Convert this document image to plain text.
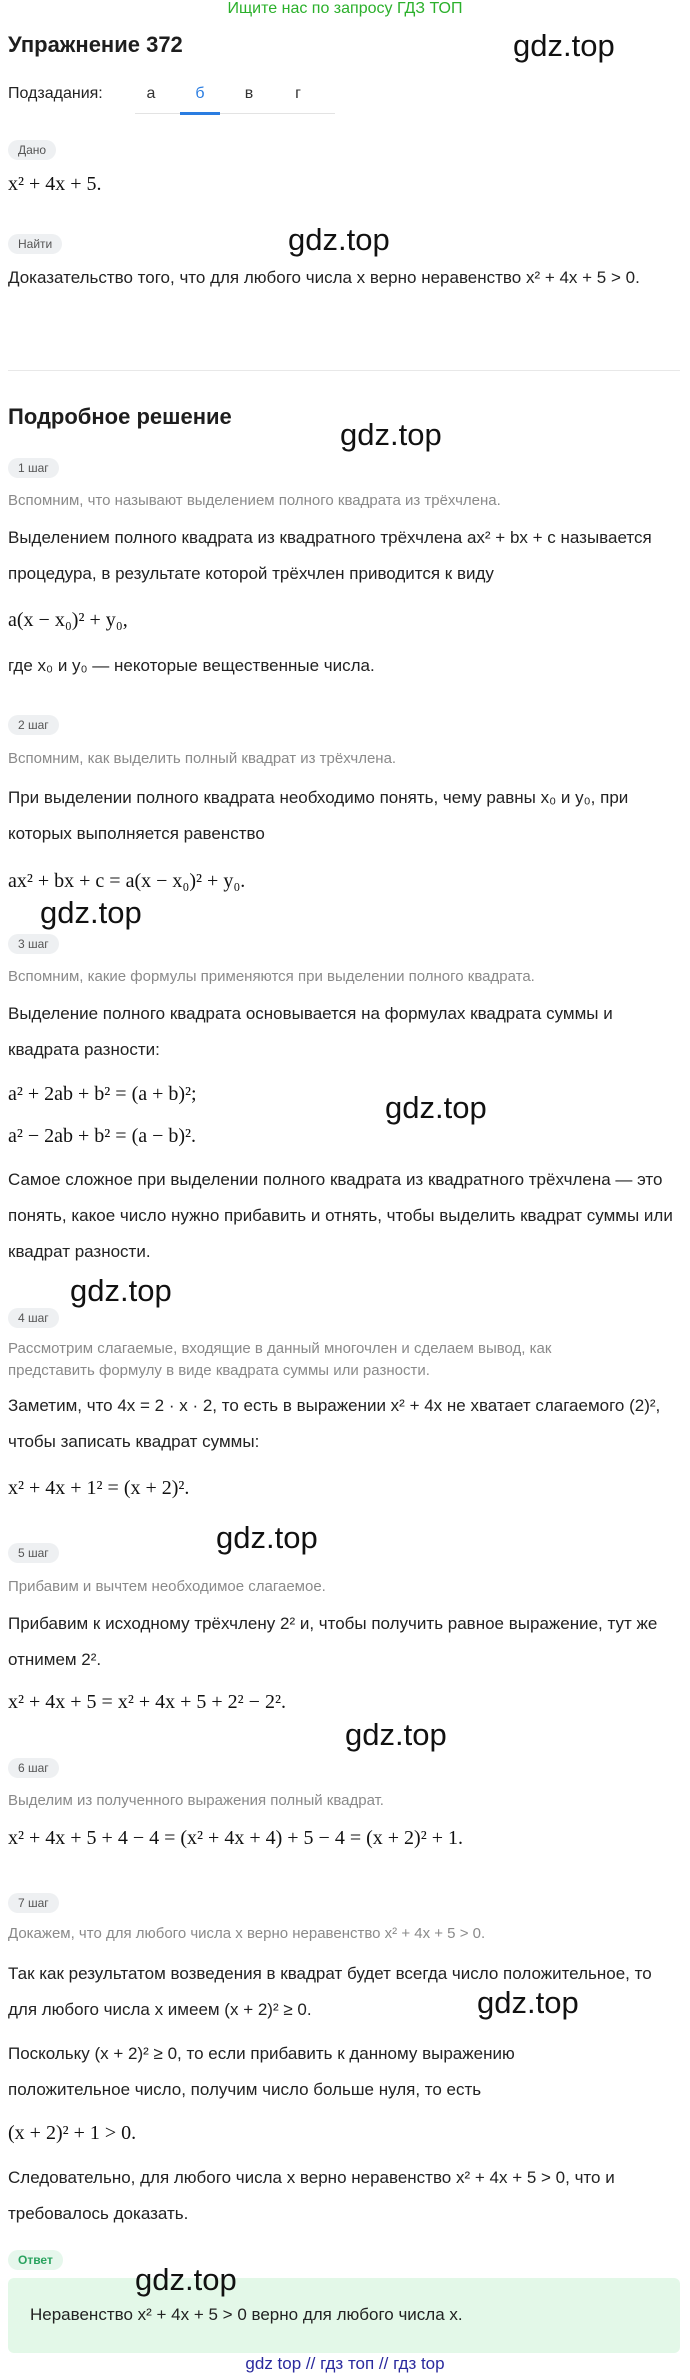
Ищите нас по запросу ГДЗ ТОП
Упражнение 372
Подзадания:	а	б	в	г
Дано
x² + 4x + 5.
Найти
Доказательство того, что для любого числа x верно неравенство x² + 4x + 5 > 0.
Подробное решение
1 шаг
Вспомним, что называют выделением полного квадрата из трёхчлена.
Выделением полного квадрата из квадратного трёхчлена ax² + bx + c называется процедура, в результате которой трёхчлен приводится к виду
a(x − x₀)² + y₀,
где x₀ и y₀ — некоторые вещественные числа.
2 шаг
Вспомним, как выделить полный квадрат из трёхчлена.
При выделении полного квадрата необходимо понять, чему равны x₀ и y₀, при которых выполняется равенство
ax² + bx + c = a(x − x₀)² + y₀.
3 шаг
Вспомним, какие формулы применяются при выделении полного квадрата.
Выделение полного квадрата основывается на формулах квадрата суммы и квадрата разности:
a² + 2ab + b² = (a + b)²;
a² − 2ab + b² = (a − b)².
Самое сложное при выделении полного квадрата из квадратного трёхчлена — это понять, какое число нужно прибавить и отнять, чтобы выделить квадрат суммы или квадрат разности.
4 шаг
Рассмотрим слагаемые, входящие в данный многочлен и сделаем вывод, как представить формулу в виде квадрата суммы или разности.
Заметим, что 4x = 2 · x · 2, то есть в выражении x² + 4x не хватает слагаемого (2)², чтобы записать квадрат суммы:
x² + 4x + 1² = (x + 2)².
5 шаг
Прибавим и вычтем необходимое слагаемое.
Прибавим к исходному трёхчлену 2² и, чтобы получить равное выражение, тут же отнимем 2².
x² + 4x + 5 = x² + 4x + 5 + 2² − 2².
6 шаг
Выделим из полученного выражения полный квадрат.
x² + 4x + 5 + 4 − 4 = (x² + 4x + 4) + 5 − 4 = (x + 2)² + 1.
7 шаг
Докажем, что для любого числа x верно неравенство x² + 4x + 5 > 0.
Так как результатом возведения в квадрат будет всегда число положительное, то для любого числа x имеем (x + 2)² ≥ 0.
Поскольку (x + 2)² ≥ 0, то если прибавить к данному выражению положительное число, получим число больше нуля, то есть
(x + 2)² + 1 > 0.
Следовательно, для любого числа x верно неравенство x² + 4x + 5 > 0, что и требовалось доказать.
Ответ
Неравенство x² + 4x + 5 > 0 верно для любого числа x.
gdz.top
gdz.top
gdz.top
gdz.top
gdz.top
gdz.top
gdz.top
gdz.top
gdz.top
gdz.top
gdz top // гдз топ // гдз top
